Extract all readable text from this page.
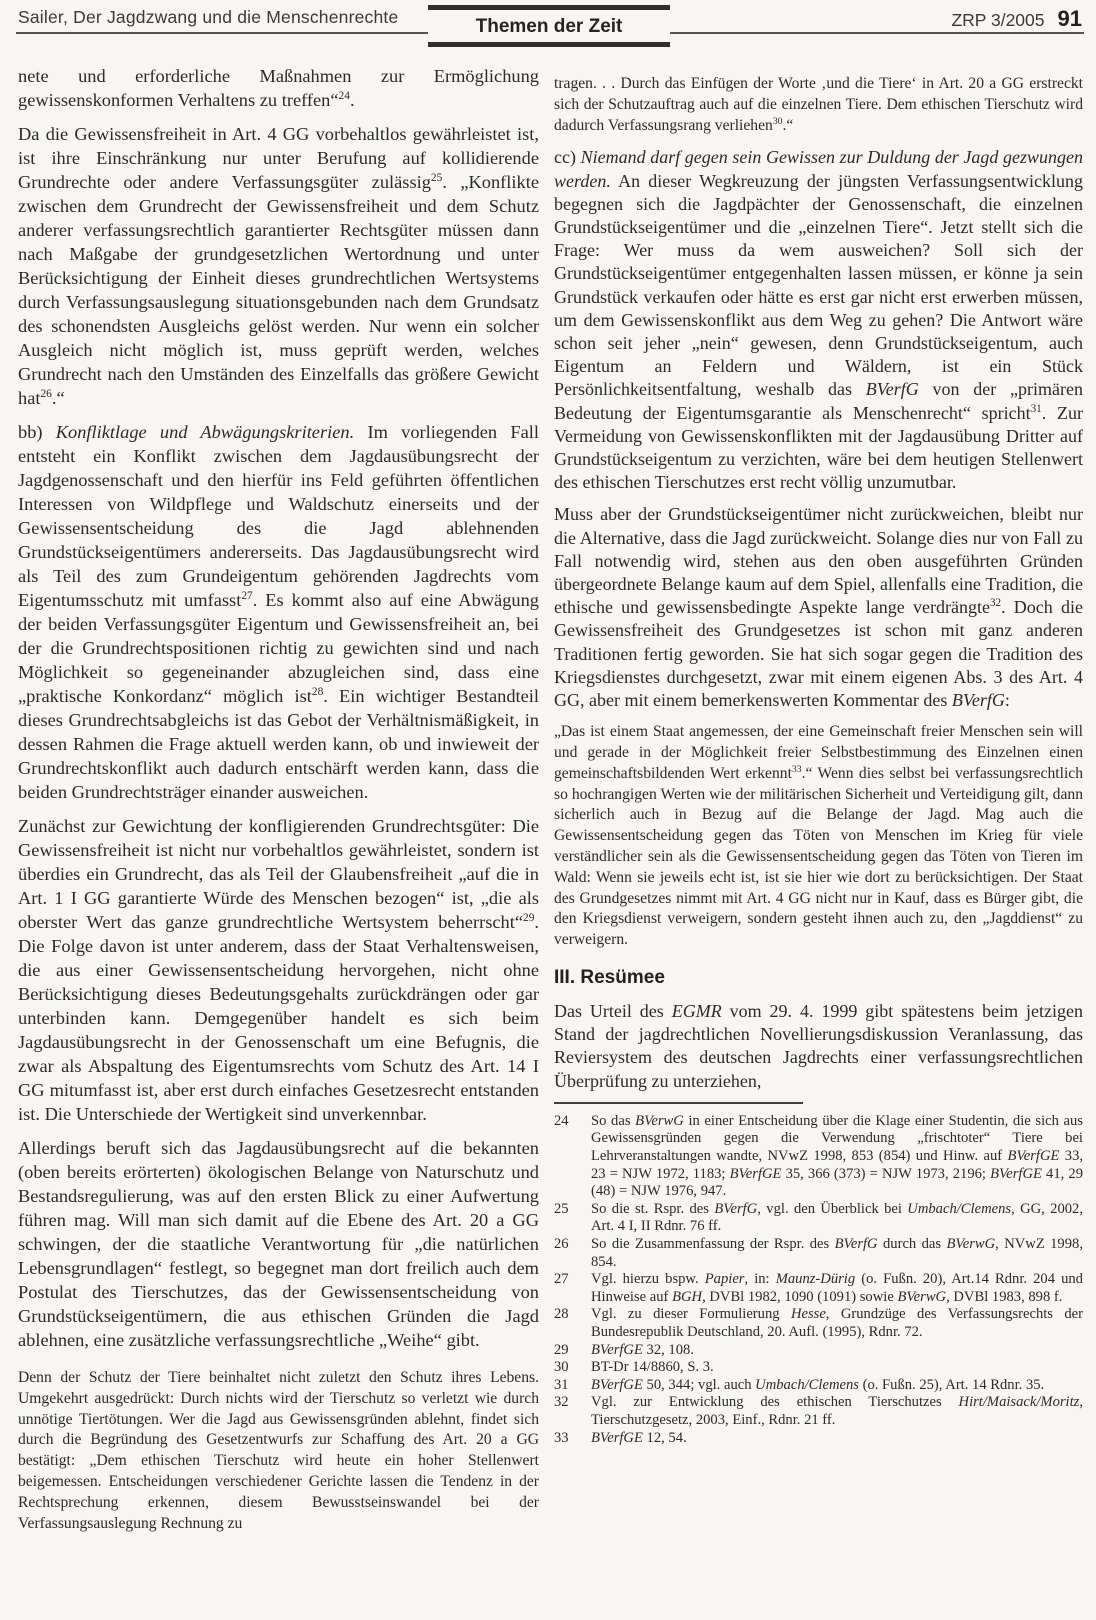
Sailer, Der Jagdzwang und die Menschenrechte	Themen der Zeit	ZRP 3/2005 91
nete und erforderliche Maßnahmen zur Ermöglichung gewissenskonformen Verhaltens zu treffen“$^{24}$.
Da die Gewissensfreiheit in Art. 4 GG vorbehaltlos gewährleistet ist, ist ihre Einschränkung nur unter Berufung auf kollidierende Grundrechte oder andere Verfassungsgüter zulässig$^{25}$. „Konflikte zwischen dem Grundrecht der Gewissensfreiheit und dem Schutz anderer verfassungsrechtlich garantierter Rechtsgüter müssen dann nach Maßgabe der grundgesetzlichen Wertordnung und unter Berücksichtigung der Einheit dieses grundrechtlichen Wertsystems durch Verfassungsauslegung situationsgebunden nach dem Grundsatz des schonendsten Ausgleichs gelöst werden. Nur wenn ein solcher Ausgleich nicht möglich ist, muss geprüft werden, welches Grundrecht nach den Umständen des Einzelfalls das größere Gewicht hat$^{26}$.“
bb) Konfliktlage und Abwägungskriterien. Im vorliegenden Fall entsteht ein Konflikt zwischen dem Jagdausübungsrecht der Jagdgenossenschaft und den hierfür ins Feld geführten öffentlichen Interessen von Wildpflege und Waldschutz einerseits und der Gewissensentscheidung des die Jagd ablehnenden Grundstückseigentümers andererseits. Das Jagdausübungsrecht wird als Teil des zum Grundeigentum gehörenden Jagdrechts vom Eigentumsschutz mit umfasst$^{27}$. Es kommt also auf eine Abwägung der beiden Verfassungsgüter Eigentum und Gewissensfreiheit an, bei der die Grundrechtspositionen richtig zu gewichten sind und nach Möglichkeit so gegeneinander abzugleichen sind, dass eine „praktische Konkordanz“ möglich ist$^{28}$. Ein wichtiger Bestandteil dieses Grundrechtsabgleichs ist das Gebot der Verhältnismäßigkeit, in dessen Rahmen die Frage aktuell werden kann, ob und inwieweit der Grundrechtskonflikt auch dadurch entschärft werden kann, dass die beiden Grundrechtsträger einander ausweichen.
Zunächst zur Gewichtung der konfligierenden Grundrechtsgüter: Die Gewissensfreiheit ist nicht nur vorbehaltlos gewährleistet, sondern ist überdies ein Grundrecht, das als Teil der Glaubensfreiheit „auf die in Art. 1 I GG garantierte Würde des Menschen bezogen“ ist, „die als oberster Wert das ganze grundrechtliche Wertsystem beherrscht“$^{29}$. Die Folge davon ist unter anderem, dass der Staat Verhaltensweisen, die aus einer Gewissensentscheidung hervorgehen, nicht ohne Berücksichtigung dieses Bedeutungsgehalts zurückdrängen oder gar unterbinden kann. Demgegenüber handelt es sich beim Jagdausübungsrecht in der Genossenschaft um eine Befugnis, die zwar als Abspaltung des Eigentumsrechts vom Schutz des Art. 14 I GG mitumfasst ist, aber erst durch einfaches Gesetzesrecht entstanden ist. Die Unterschiede der Wertigkeit sind unverkennbar.
Allerdings beruft sich das Jagdausübungsrecht auf die bekannten (oben bereits erörterten) ökologischen Belange von Naturschutz und Bestandsregulierung, was auf den ersten Blick zu einer Aufwertung führen mag. Will man sich damit auf die Ebene des Art. 20 a GG schwingen, der die staatliche Verantwortung für „die natürlichen Lebensgrundlagen“ festlegt, so begegnet man dort freilich auch dem Postulat des Tierschutzes, das der Gewissensentscheidung von Grundstückseigentümern, die aus ethischen Gründen die Jagd ablehnen, eine zusätzliche verfassungsrechtliche „Weihe“ gibt.
Denn der Schutz der Tiere beinhaltet nicht zuletzt den Schutz ihres Lebens. Umgekehrt ausgedrückt: Durch nichts wird der Tierschutz so verletzt wie durch unnötige Tiertötungen. Wer die Jagd aus Gewissensgründen ablehnt, findet sich durch die Begründung des Gesetzentwurfs zur Schaffung des Art. 20 a GG bestätigt: „Dem ethischen Tierschutz wird heute ein hoher Stellenwert beigemessen. Entscheidungen verschiedener Gerichte lassen die Tendenz in der Rechtsprechung erkennen, diesem Bewusstseinswandel bei der Verfassungsauslegung Rechnung zu
tragen. . . Durch das Einfügen der Worte ‚und die Tiere‘ in Art. 20 a GG erstreckt sich der Schutzauftrag auch auf die einzelnen Tiere. Dem ethischen Tierschutz wird dadurch Verfassungsrang verliehen$^{30}$.“
cc) Niemand darf gegen sein Gewissen zur Duldung der Jagd gezwungen werden. An dieser Wegkreuzung der jüngsten Verfassungsentwicklung begegnen sich die Jagdpächter der Genossenschaft, die einzelnen Grundstückseigentümer und die „einzelnen Tiere“. Jetzt stellt sich die Frage: Wer muss da wem ausweichen? Soll sich der Grundstückseigentümer entgegenhalten lassen müssen, er könne ja sein Grundstück verkaufen oder hätte es erst gar nicht erst erwerben müssen, um dem Gewissenskonflikt aus dem Weg zu gehen? Die Antwort wäre schon seit jeher „nein“ gewesen, denn Grundstückseigentum, auch Eigentum an Feldern und Wäldern, ist ein Stück Persönlichkeitsentfaltung, weshalb das BVerfG von der „primären Bedeutung der Eigentumsgarantie als Menschenrecht“ spricht$^{31}$. Zur Vermeidung von Gewissenskonflikten mit der Jagdausübung Dritter auf Grundstückseigentum zu verzichten, wäre bei dem heutigen Stellenwert des ethischen Tierschutzes erst recht völlig unzumutbar.
Muss aber der Grundstückseigentümer nicht zurückweichen, bleibt nur die Alternative, dass die Jagd zurückweicht. Solange dies nur von Fall zu Fall notwendig wird, stehen aus den oben ausgeführten Gründen übergeordnete Belange kaum auf dem Spiel, allenfalls eine Tradition, die ethische und gewissensbedingte Aspekte lange verdrängte$^{32}$. Doch die Gewissensfreiheit des Grundgesetzes ist schon mit ganz anderen Traditionen fertig geworden. Sie hat sich sogar gegen die Tradition des Kriegsdienstes durchgesetzt, zwar mit einem eigenen Abs. 3 des Art. 4 GG, aber mit einem bemerkenswerten Kommentar des BVerfG:
„Das ist einem Staat angemessen, der eine Gemeinschaft freier Menschen sein will und gerade in der Möglichkeit freier Selbstbestimmung des Einzelnen einen gemeinschaftsbildenden Wert erkennt$^{33}$.“ Wenn dies selbst bei verfassungsrechtlich so hochrangigen Werten wie der militärischen Sicherheit und Verteidigung gilt, dann sicherlich auch in Bezug auf die Belange der Jagd. Mag auch die Gewissensentscheidung gegen das Töten von Menschen im Krieg für viele verständlicher sein als die Gewissensentscheidung gegen das Töten von Tieren im Wald: Wenn sie jeweils echt ist, ist sie hier wie dort zu berücksichtigen. Der Staat des Grundgesetzes nimmt mit Art. 4 GG nicht nur in Kauf, dass es Bürger gibt, die den Kriegsdienst verweigern, sondern gesteht ihnen auch zu, den „Jagddienst“ zu verweigern.
III. Resümee
Das Urteil des EGMR vom 29. 4. 1999 gibt spätestens beim jetzigen Stand der jagdrechtlichen Novellierungsdiskussion Veranlassung, das Reviersystem des deutschen Jagdrechts einer verfassungsrechtlichen Überprüfung zu unterziehen,
24	So das BVerwG in einer Entscheidung über die Klage einer Studentin, die sich aus Gewissensgründen gegen die Verwendung „frischtoter“ Tiere bei Lehrveranstaltungen wandte, NVwZ 1998, 853 (854) und Hinw. auf BVerfGE 33, 23 = NJW 1972, 1183; BVerfGE 35, 366 (373) = NJW 1973, 2196; BVerfGE 41, 29 (48) = NJW 1976, 947.
25	So die st. Rspr. des BVerfG, vgl. den Überblick bei Umbach/Clemens, GG, 2002, Art. 4 I, II Rdnr. 76 ff.
26	So die Zusammenfassung der Rspr. des BVerfG durch das BVerwG, NVwZ 1998, 854.
27	Vgl. hierzu bspw. Papier, in: Maunz-Dürig (o. Fußn. 20), Art.14 Rdnr. 204 und Hinweise auf BGH, DVBl 1982, 1090 (1091) sowie BVerwG, DVBl 1983, 898 f.
28	Vgl. zu dieser Formulierung Hesse, Grundzüge des Verfassungsrechts der Bundesrepublik Deutschland, 20. Aufl. (1995), Rdnr. 72.
29	BVerfGE 32, 108.
30	BT-Dr 14/8860, S. 3.
31	BVerfGE 50, 344; vgl. auch Umbach/Clemens (o. Fußn. 25), Art. 14 Rdnr. 35.
32	Vgl. zur Entwicklung des ethischen Tierschutzes Hirt/Maisack/Moritz, Tierschutzgesetz, 2003, Einf., Rdnr. 21 ff.
33	BVerfGE 12, 54.
